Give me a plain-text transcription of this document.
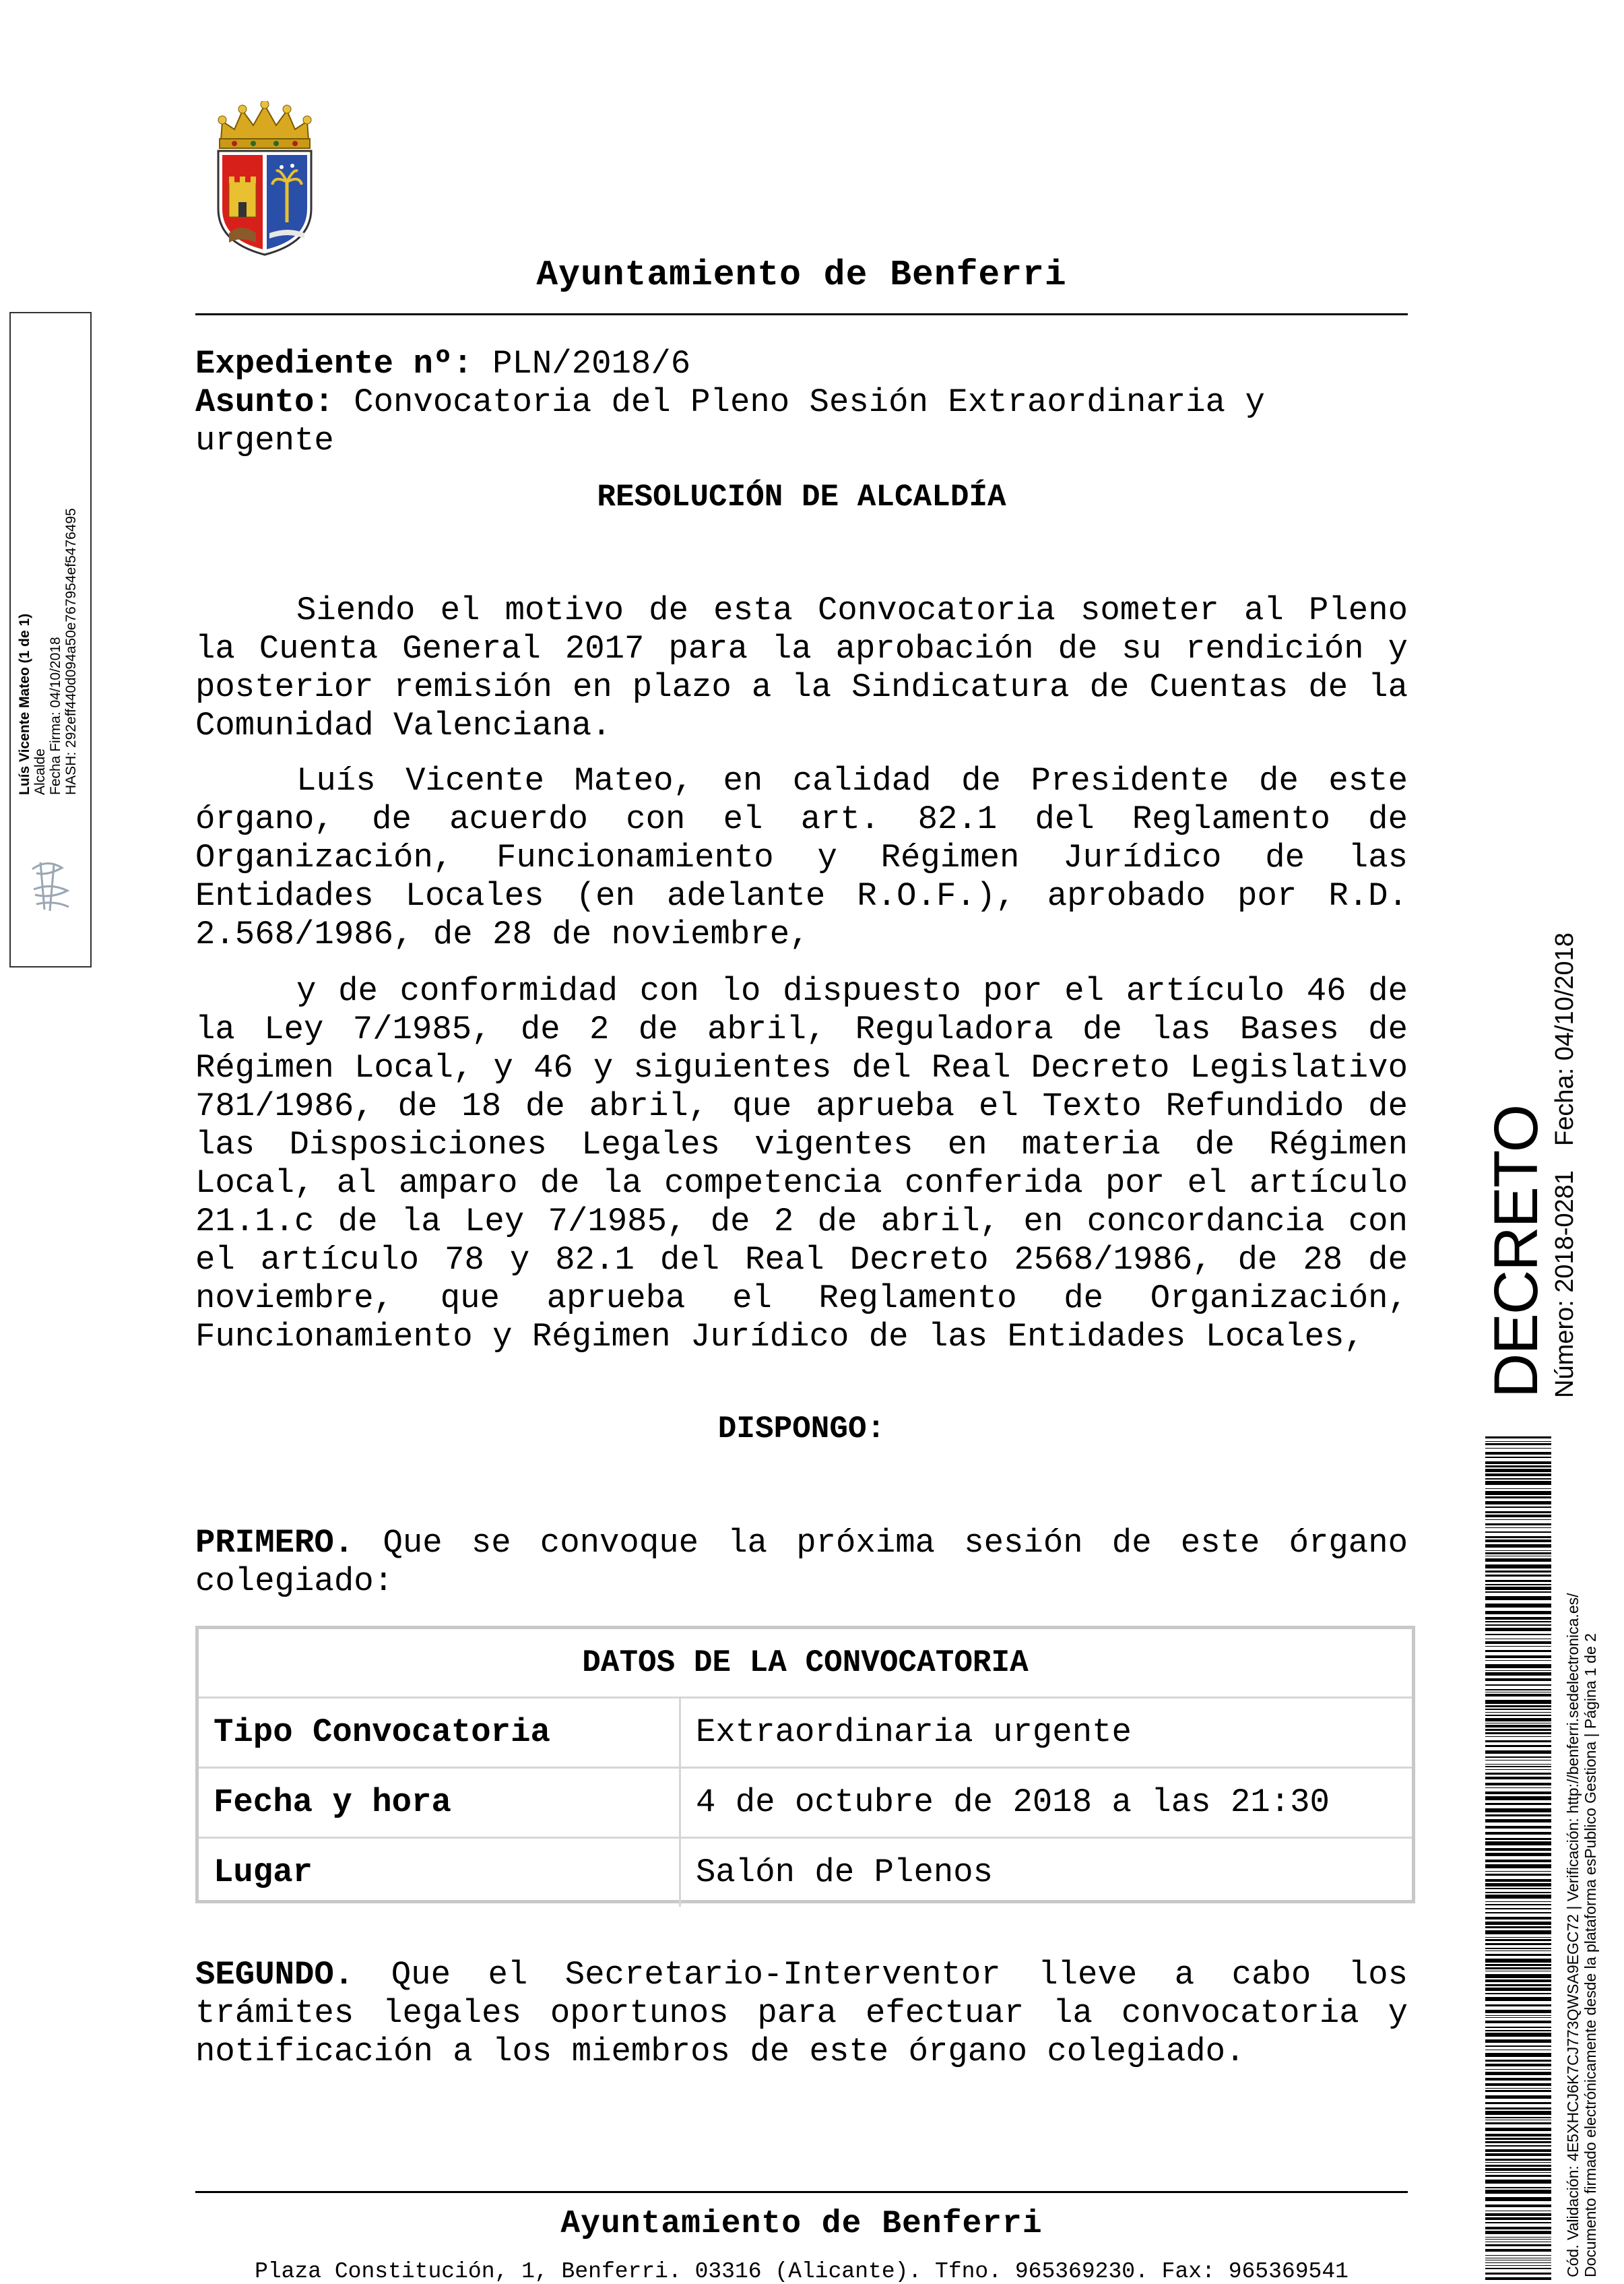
Ayuntamiento de Benferri
Expediente nº: PLN/2018/6
Asunto: Convocatoria del Pleno Sesión Extraordinaria y urgente
RESOLUCIÓN DE ALCALDÍA
Siendo el motivo de esta Convocatoria someter al Pleno la Cuenta General 2017 para la aprobación de su rendición y posterior remisión en plazo a la Sindicatura de Cuentas de la Comunidad Valenciana.
Luís Vicente Mateo, en calidad de Presidente de este órgano, de acuerdo con el art. 82.1 del Reglamento de Organización, Funcionamiento y Régimen Jurídico de las Entidades Locales (en adelante R.O.F.), aprobado por R.D. 2.568/1986, de 28 de noviembre,
y de conformidad con lo dispuesto por el artículo 46 de la Ley 7/1985, de 2 de abril, Reguladora de las Bases de Régimen Local, y 46 y siguientes del Real Decreto Legislativo 781/1986, de 18 de abril, que aprueba el Texto Refundido de las Disposiciones Legales vigentes en materia de Régimen Local, al amparo de la competencia conferida por el artículo 21.1.c de la Ley 7/1985, de 2 de abril, en concordancia con el artículo 78 y 82.1 del Real Decreto 2568/1986, de 28 de noviembre, que aprueba el Reglamento de Organización, Funcionamiento y Régimen Jurídico de las Entidades Locales,
DISPONGO:
PRIMERO. Que se convoque la próxima sesión de este órgano colegiado:
DATOS DE LA CONVOCATORIA
Tipo Convocatoria	Extraordinaria urgente
Fecha y hora	4 de octubre de 2018 a las 21:30
Lugar	Salón de Plenos
SEGUNDO. Que el Secretario-Interventor lleve a cabo los trámites legales oportunos para efectuar la convocatoria y notificación a los miembros de este órgano colegiado.
Ayuntamiento de Benferri
Plaza Constitución, 1, Benferri. 03316 (Alicante). Tfno. 965369230. Fax: 965369541
Luís Vicente Mateo (1 de 1) Alcalde Fecha Firma: 04/10/2018 HASH: 292eff440d094a50e767954ef5476495
DECRETO Número: 2018-0281Fecha: 04/10/2018
Cód. Validación: 4E5XHCJ6K7CJ773QWSA9EGC72 | Verificación: http://benferri.sedelectronica.es/ Documento firmado electrónicamente desde la plataforma esPublico Gestiona | Página 1 de 2
